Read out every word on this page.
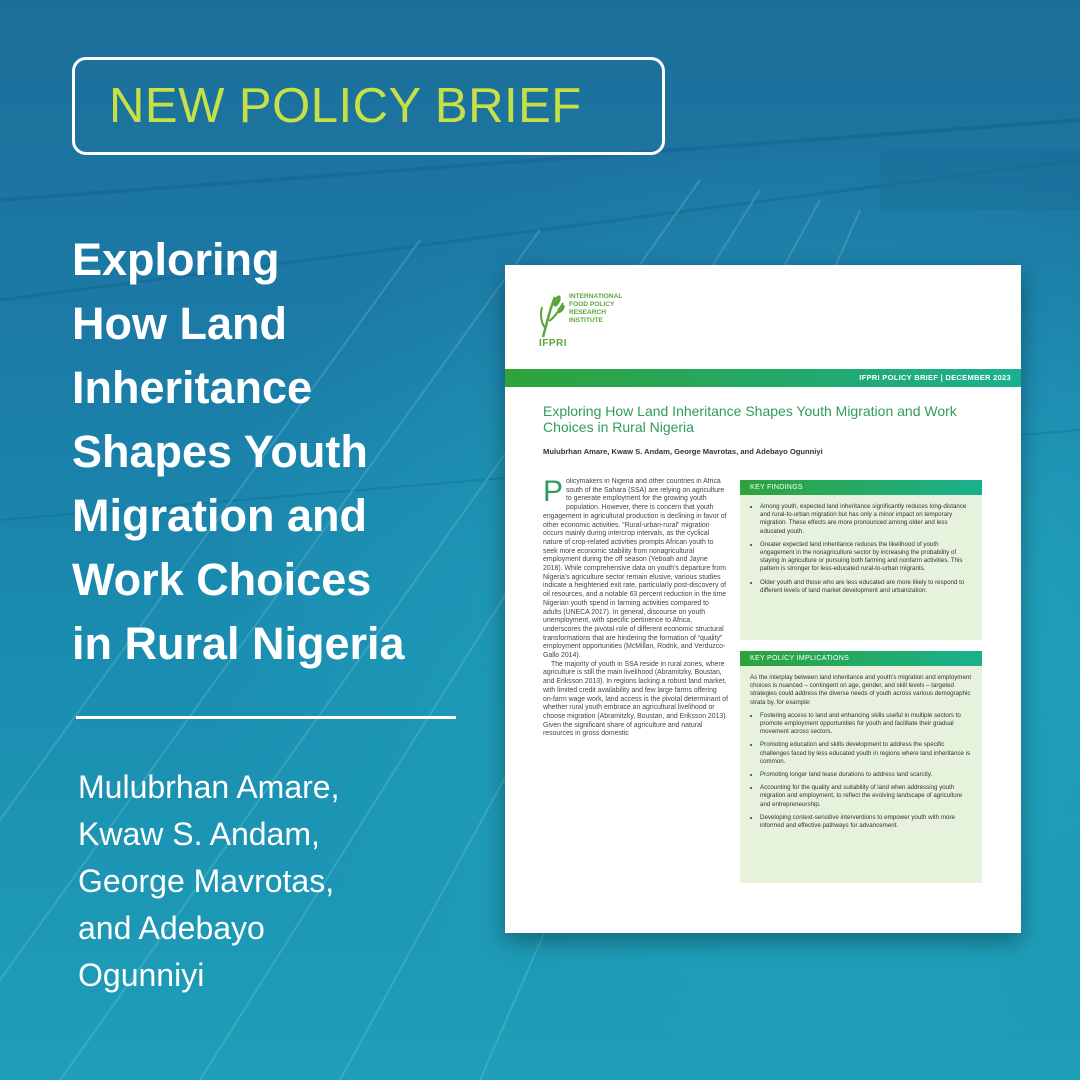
NEW POLICY BRIEF
Exploring
How Land
Inheritance
Shapes Youth
Migration and
Work Choices
in Rural Nigeria
Mulubrhan Amare,
Kwaw S. Andam,
George Mavrotas,
and Adebayo
Ogunniyi
INTERNATIONAL
FOOD POLICY
RESEARCH
INSTITUTE
IFPRI
IFPRI POLICY BRIEF | DECEMBER 2023
Exploring How Land Inheritance Shapes Youth Migration and Work Choices in Rural Nigeria
Mulubrhan Amare, Kwaw S. Andam, George Mavrotas, and Adebayo Ogunniyi

Policymakers in Nigeria and other countries in Africa south of the Sahara (SSA) are relying on agriculture to generate employment for the growing youth population. However, there is concern that youth engagement in agricultural production is declining in favor of other economic activities. “Rural-urban-rural” migration occurs mainly during intercrop intervals, as the cyclical nature of crop-related activities prompts African youth to seek more economic stability from nonagricultural employment during the off season (Yeboah and Jayne 2018). While comprehensive data on youth’s departure from Nigeria’s agriculture sector remain elusive, various studies indicate a heightened exit rate, particularly post-discovery of oil resources, and a notable 63 percent reduction in the time Nigerian youth spend in farming activities compared to adults (UNECA 2017). In general, discourse on youth unemployment, with specific pertinence to Africa, underscores the pivotal role of different economic structural transformations that are hindering the formation of “quality” employment opportunities (McMillan, Rodrik, and Verduzco-Gallo 2014).

The majority of youth in SSA reside in rural zones, where agriculture is still the main livelihood (Abramitzky, Boustan, and Eriksson 2013). In regions lacking a robust land market, with limited credit availability and few large farms offering on-farm wage work, land access is the pivotal determinant of whether rural youth embrace an agricultural livelihood or choose migration (Abramitzky, Boustan, and Eriksson 2013). Given the significant share of agriculture and natural resources in gross domestic

KEY FINDINGS
• Among youth, expected land inheritance significantly reduces long-distance and rural-to-urban migration but has only a minor impact on temporary migration. These effects are more pronounced among older and less educated youth.
• Greater expected land inheritance reduces the likelihood of youth engagement in the nonagriculture sector by increasing the probability of staying in agriculture or pursuing both farming and nonfarm activities. This pattern is stronger for less-educated rural-to-urban migrants.
• Older youth and those who are less educated are more likely to respond to different levels of land market development and urbanization.
KEY POLICY IMPLICATIONS

As the interplay between land inheritance and youth’s migration and employment choices is nuanced – contingent on age, gender, and skill levels – targeted strategies could address the diverse needs of youth across various demographic strata by, for example:

• Fostering access to land and enhancing skills useful in multiple sectors to promote employment opportunities for youth and facilitate their gradual movement across sectors.
• Promoting education and skills development to address the specific challenges faced by less educated youth in regions where land inheritance is common.
• Promoting longer land lease durations to address land scarcity.
• Accounting for the quality and suitability of land when addressing youth migration and employment, to reflect the evolving landscape of agriculture and entrepreneurship.
• Developing context-sensitive interventions to empower youth with more informed and effective pathways for advancement.
